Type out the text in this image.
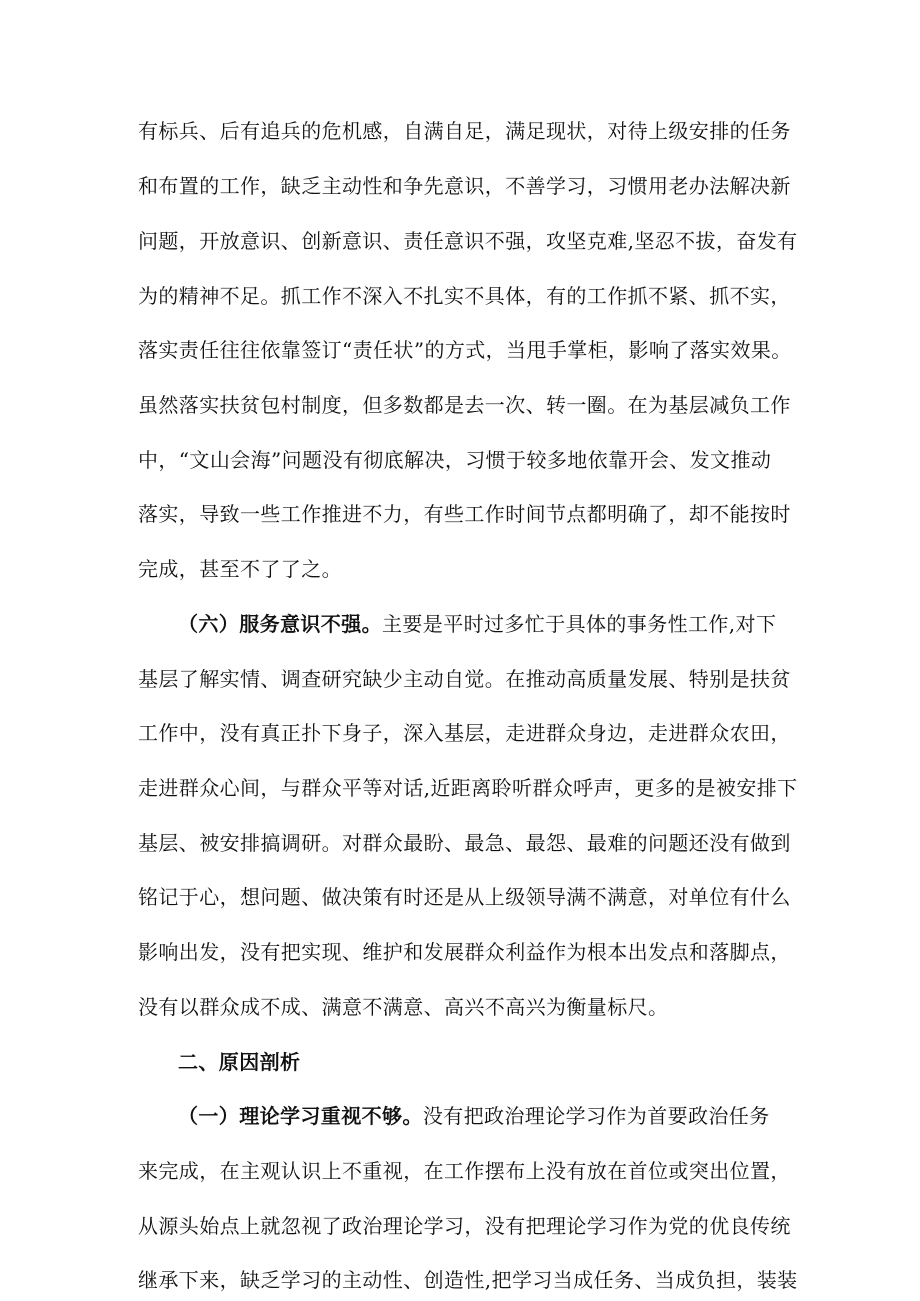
有标兵、后有追兵的危机感，自满自足，满足现状，对待上级安排的任务
和布置的工作，缺乏主动性和争先意识，不善学习，习惯用老办法解决新
问题，开放意识、创新意识、责任意识不强，攻坚克难,坚忍不拔，奋发有
为的精神不足。抓工作不深入不扎实不具体，有的工作抓不紧、抓不实，
落实责任往往依靠签订“责任状”的方式，当甩手掌柜，影响了落实效果。
虽然落实扶贫包村制度，但多数都是去一次、转一圈。在为基层减负工作
中，“文山会海”问题没有彻底解决，习惯于较多地依靠开会、发文推动
落实，导致一些工作推进不力，有些工作时间节点都明确了，却不能按时
完成，甚至不了了之。
（六）服务意识不强。主要是平时过多忙于具体的事务性工作,对下
基层了解实情、调查研究缺少主动自觉。在推动高质量发展、特别是扶贫
工作中，没有真正扑下身子，深入基层，走进群众身边，走进群众农田，
走进群众心间，与群众平等对话,近距离聆听群众呼声，更多的是被安排下
基层、被安排搞调研。对群众最盼、最急、最怨、最难的问题还没有做到
铭记于心，想问题、做决策有时还是从上级领导满不满意，对单位有什么
影响出发，没有把实现、维护和发展群众利益作为根本出发点和落脚点，
没有以群众成不成、满意不满意、高兴不高兴为衡量标尺。
二、原因剖析
（一）理论学习重视不够。没有把政治理论学习作为首要政治任务
来完成，在主观认识上不重视，在工作摆布上没有放在首位或突出位置，
从源头始点上就忽视了政治理论学习，没有把理论学习作为党的优良传统
继承下来，缺乏学习的主动性、创造性,把学习当成任务、当成负担，装装
